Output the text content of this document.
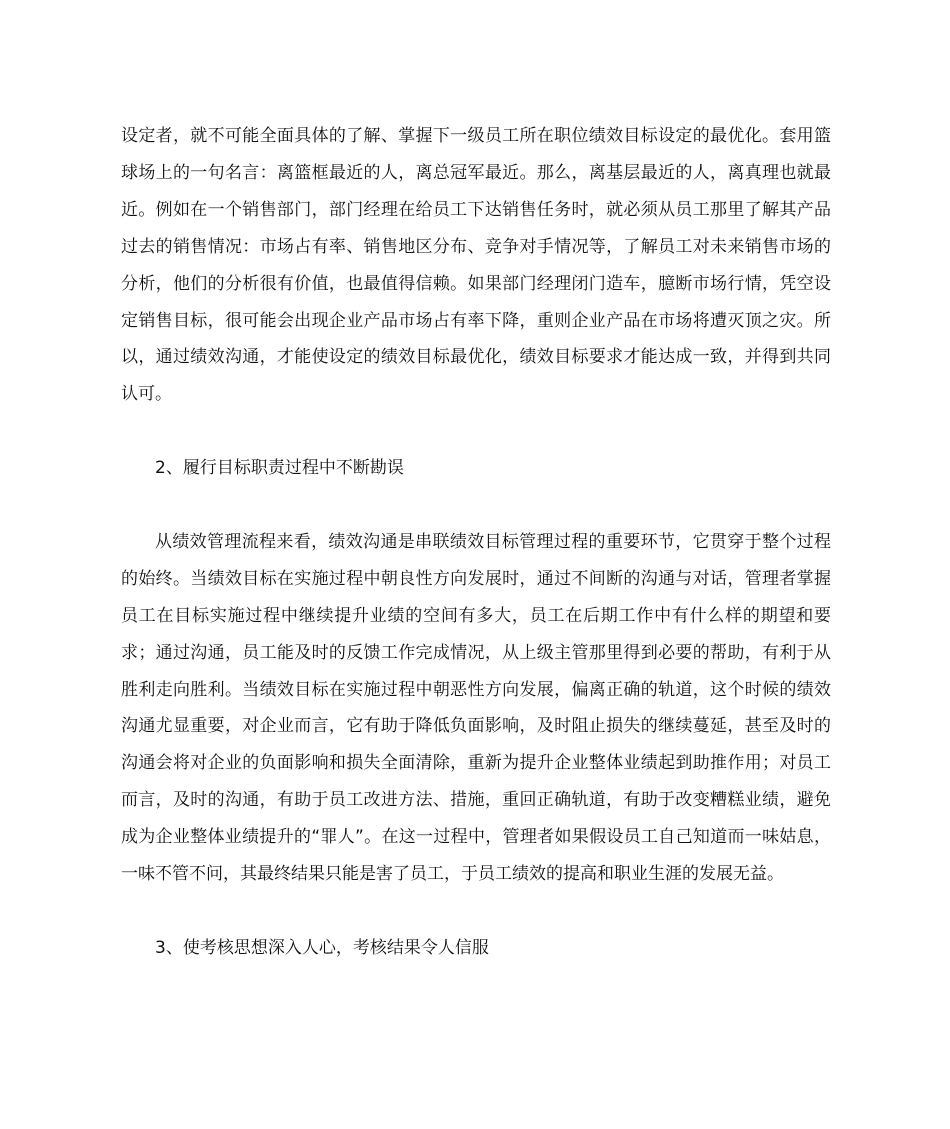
设定者，就不可能全面具体的了解、掌握下一级员工所在职位绩效目标设定的最优化。套用篮球场上的一句名言：离篮框最近的人，离总冠军最近。那么，离基层最近的人，离真理也就最近。例如在一个销售部门，部门经理在给员工下达销售任务时，就必须从员工那里了解其产品过去的销售情况：市场占有率、销售地区分布、竞争对手情况等，了解员工对未来销售市场的分析，他们的分析很有价值，也最值得信赖。如果部门经理闭门造车，臆断市场行情，凭空设定销售目标，很可能会出现企业产品市场占有率下降，重则企业产品在市场将遭灭顶之灾。所以，通过绩效沟通，才能使设定的绩效目标最优化，绩效目标要求才能达成一致，并得到共同认可。

2、履行目标职责过程中不断勘误

从绩效管理流程来看，绩效沟通是串联绩效目标管理过程的重要环节，它贯穿于整个过程的始终。当绩效目标在实施过程中朝良性方向发展时，通过不间断的沟通与对话，管理者掌握员工在目标实施过程中继续提升业绩的空间有多大，员工在后期工作中有什么样的期望和要求；通过沟通，员工能及时的反馈工作完成情况，从上级主管那里得到必要的帮助，有利于从胜利走向胜利。当绩效目标在实施过程中朝恶性方向发展，偏离正确的轨道，这个时候的绩效沟通尤显重要，对企业而言，它有助于降低负面影响，及时阻止损失的继续蔓延，甚至及时的沟通会将对企业的负面影响和损失全面清除，重新为提升企业整体业绩起到助推作用；对员工而言，及时的沟通，有助于员工改进方法、措施，重回正确轨道，有助于改变糟糕业绩，避免成为企业整体业绩提升的“罪人”。在这一过程中，管理者如果假设员工自己知道而一味姑息，一味不管不问，其最终结果只能是害了员工，于员工绩效的提高和职业生涯的发展无益。

3、使考核思想深入人心，考核结果令人信服
